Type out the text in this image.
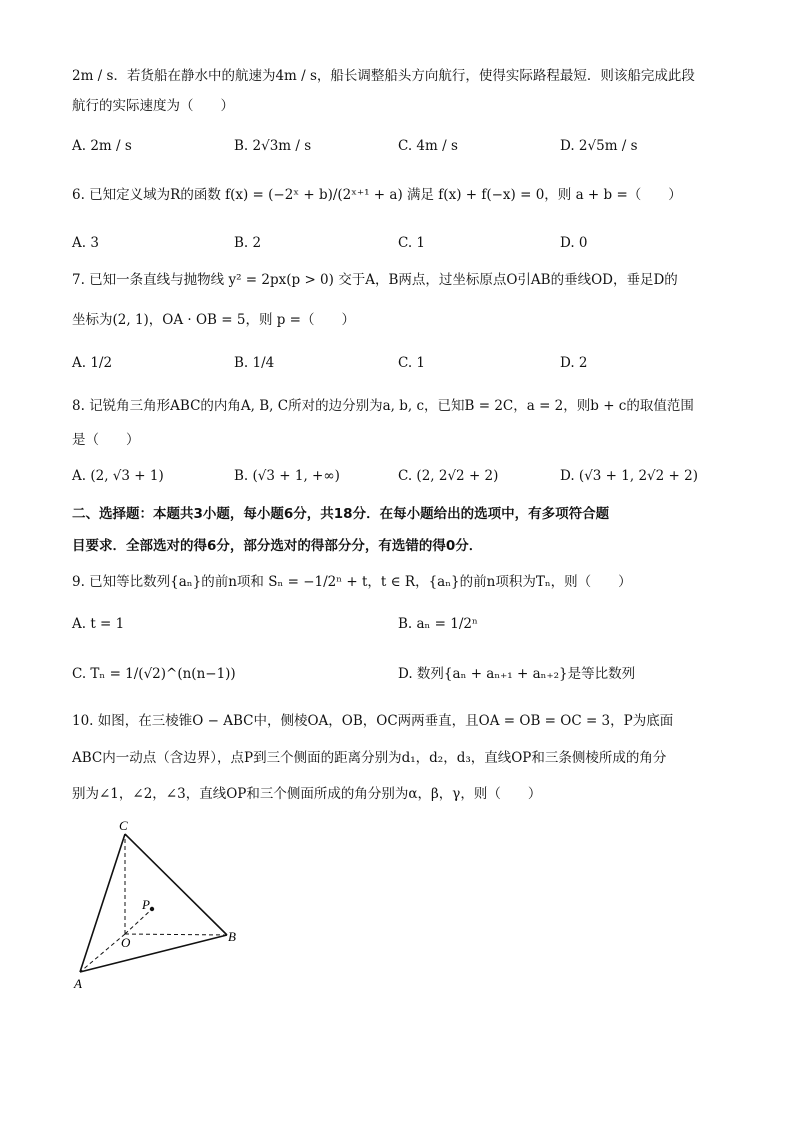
2m / s．若货船在静水中的航速为4m / s，船长调整船头方向航行，使得实际路程最短．则该船完成此段
航行的实际速度为（　　）
A. 2m / s	B. 2√3m / s	C. 4m / s	D. 2√5m / s
6. 已知定义域为R的函数 f(x) = (−2ˣ + b)/(2ˣ⁺¹ + a) 满足 f(x) + f(−x) = 0，则 a + b =（　　）
A. 3	B. 2	C. 1	D. 0
7. 已知一条直线与抛物线 y² = 2px(p > 0) 交于A，B两点，过坐标原点O引AB的垂线OD，垂足D的
坐标为(2, 1)，OA · OB = 5，则 p =（　　）
A. 1/2	B. 1/4	C. 1	D. 2
8. 记锐角三角形ABC的内角A, B, C所对的边分别为a, b, c，已知B = 2C，a = 2，则b + c的取值范围
是（　　）
A. (2, √3 + 1)	B. (√3 + 1, +∞)	C. (2, 2√2 + 2)	D. (√3 + 1, 2√2 + 2)
二、选择题：本题共3小题，每小题6分，共18分．在每小题给出的选项中，有多项符合题
目要求．全部选对的得6分，部分选对的得部分分，有选错的得0分．
9. 已知等比数列{aₙ}的前n项和 Sₙ = −1/2ⁿ + t，t ∈ R，{aₙ}的前n项积为Tₙ，则（　　）
A. t = 1	B. aₙ = 1/2ⁿ
C. Tₙ = 1/(√2)^(n(n−1))	D. 数列{aₙ + aₙ₊₁ + aₙ₊₂}是等比数列
10. 如图，在三棱锥O − ABC中，侧棱OA，OB，OC两两垂直，且OA = OB = OC = 3，P为底面
ABC内一动点（含边界），点P到三个侧面的距离分别为d₁，d₂，d₃，直线OP和三条侧棱所成的角分
别为∠1，∠2，∠3，直线OP和三个侧面所成的角分别为α，β，γ，则（　　）
C
P
O	B
A
